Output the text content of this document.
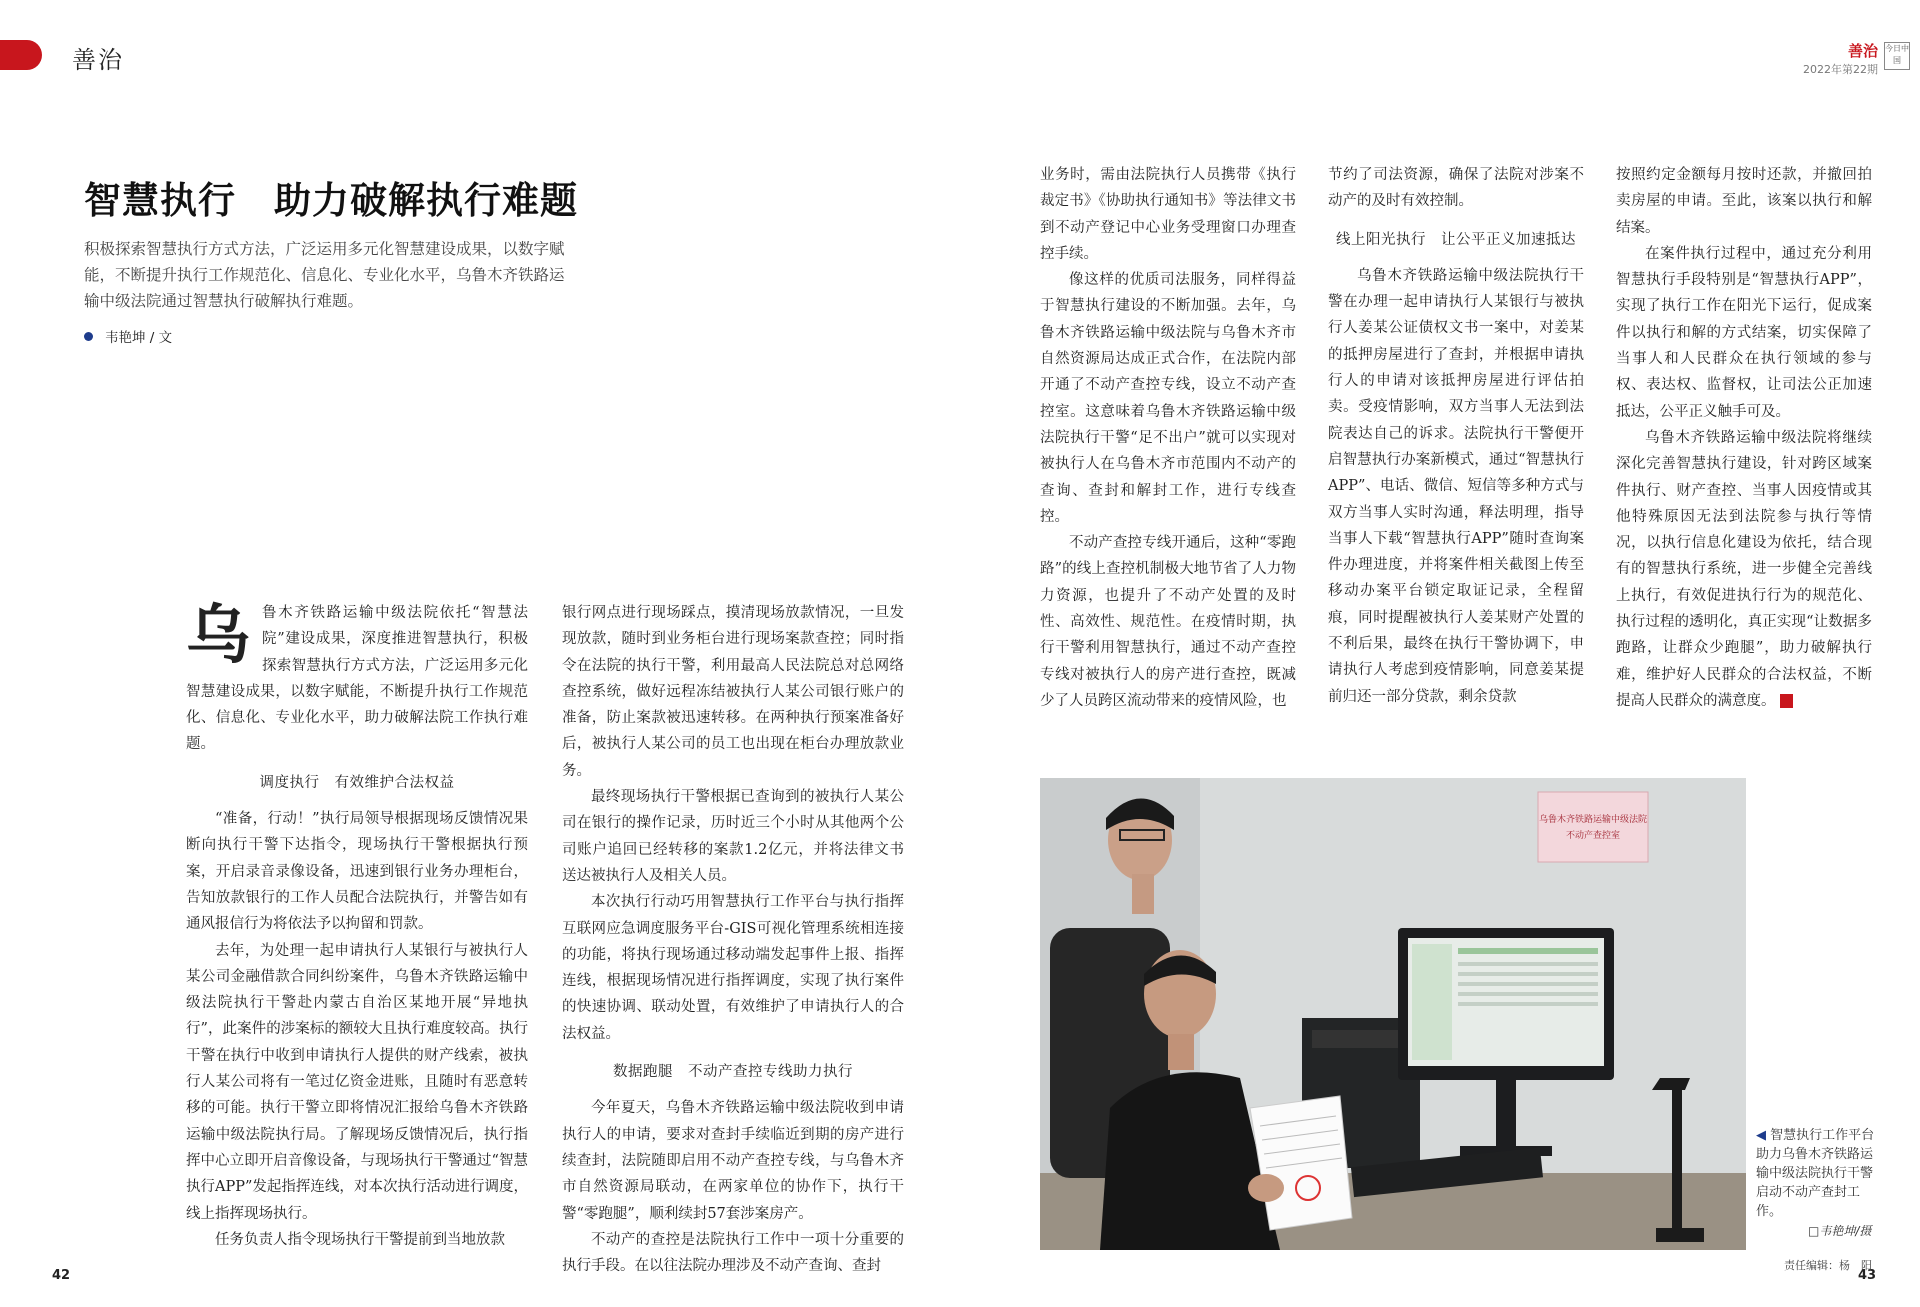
善治	善治
2022年第22期
今日中国
智慧执行　助力破解执行难题
积极探索智慧执行方式方法，广泛运用多元化智慧建设成果，以数字赋能，不断提升执行工作规范化、信息化、专业化水平，乌鲁木齐铁路运输中级法院通过智慧执行破解执行难题。
韦艳坤 / 文
乌 鲁木齐铁路运输中级法院依托“智慧法院”建设成果，深度推进智慧执行，积极探索智慧执行方式方法，广泛运用多元化智慧建设成果，以数字赋能，不断提升执行工作规范化、信息化、专业化水平，助力破解法院工作执行难题。

调度执行　有效维护合法权益

“准备，行动！”执行局领导根据现场反馈情况果断向执行干警下达指令，现场执行干警根据执行预案，开启录音录像设备，迅速到银行业务办理柜台，告知放款银行的工作人员配合法院执行，并警告如有通风报信行为将依法予以拘留和罚款。

去年，为处理一起申请执行人某银行与被执行人某公司金融借款合同纠纷案件，乌鲁木齐铁路运输中级法院执行干警赴内蒙古自治区某地开展“异地执行”，此案件的涉案标的额较大且执行难度较高。执行干警在执行中收到申请执行人提供的财产线索，被执行人某公司将有一笔过亿资金进账，且随时有恶意转移的可能。执行干警立即将情况汇报给乌鲁木齐铁路运输中级法院执行局。了解现场反馈情况后，执行指挥中心立即开启音像设备，与现场执行干警通过“智慧执行APP”发起指挥连线，对本次执行活动进行调度，线上指挥现场执行。

任务负责人指令现场执行干警提前到当地放款

银行网点进行现场踩点，摸清现场放款情况，一旦发现放款，随时到业务柜台进行现场案款查控；同时指令在法院的执行干警，利用最高人民法院总对总网络查控系统，做好远程冻结被执行人某公司银行账户的准备，防止案款被迅速转移。在两种执行预案准备好后，被执行人某公司的员工也出现在柜台办理放款业务。

最终现场执行干警根据已查询到的被执行人某公司在银行的操作记录，历时近三个小时从其他两个公司账户追回已经转移的案款1.2亿元，并将法律文书送达被执行人及相关人员。

本次执行行动巧用智慧执行工作平台与执行指挥互联网应急调度服务平台-GIS可视化管理系统相连接的功能，将执行现场通过移动端发起事件上报、指挥连线，根据现场情况进行指挥调度，实现了执行案件的快速协调、联动处置，有效维护了申请执行人的合法权益。

数据跑腿　不动产查控专线助力执行

今年夏天，乌鲁木齐铁路运输中级法院收到申请执行人的申请，要求对查封手续临近到期的房产进行续查封，法院随即启用不动产查控专线，与乌鲁木齐市自然资源局联动，在两家单位的协作下，执行干警“零跑腿”，顺利续封57套涉案房产。

不动产的查控是法院执行工作中一项十分重要的执行手段。在以往法院办理涉及不动产查询、查封

业务时，需由法院执行人员携带《执行裁定书》《协助执行通知书》等法律文书到不动产登记中心业务受理窗口办理查控手续。

像这样的优质司法服务，同样得益于智慧执行建设的不断加强。去年，乌鲁木齐铁路运输中级法院与乌鲁木齐市自然资源局达成正式合作，在法院内部开通了不动产查控专线，设立不动产查控室。这意味着乌鲁木齐铁路运输中级法院执行干警“足不出户”就可以实现对被执行人在乌鲁木齐市范围内不动产的查询、查封和解封工作，进行专线查控。

不动产查控专线开通后，这种“零跑路”的线上查控机制极大地节省了人力物力资源，也提升了不动产处置的及时性、高效性、规范性。在疫情时期，执行干警利用智慧执行，通过不动产查控专线对被执行人的房产进行查控，既减少了人员跨区流动带来的疫情风险，也

节约了司法资源，确保了法院对涉案不动产的及时有效控制。

线上阳光执行　让公平正义加速抵达

乌鲁木齐铁路运输中级法院执行干警在办理一起申请执行人某银行与被执行人姜某公证债权文书一案中，对姜某的抵押房屋进行了查封，并根据申请执行人的申请对该抵押房屋进行评估拍卖。受疫情影响，双方当事人无法到法院表达自己的诉求。法院执行干警便开启智慧执行办案新模式，通过“智慧执行APP”、电话、微信、短信等多种方式与双方当事人实时沟通，释法明理，指导当事人下载“智慧执行APP”随时查询案件办理进度，并将案件相关截图上传至移动办案平台锁定取证记录，全程留痕，同时提醒被执行人姜某财产处置的不利后果，最终在执行干警协调下，申请执行人考虑到疫情影响，同意姜某提前归还一部分贷款，剩余贷款

按照约定金额每月按时还款，并撤回拍卖房屋的申请。至此，该案以执行和解结案。

在案件执行过程中，通过充分利用智慧执行手段特别是“智慧执行APP”，实现了执行工作在阳光下运行，促成案件以执行和解的方式结案，切实保障了当事人和人民群众在执行领域的参与权、表达权、监督权，让司法公正加速抵达，公平正义触手可及。

乌鲁木齐铁路运输中级法院将继续深化完善智慧执行建设，针对跨区域案件执行、财产查控、当事人因疫情或其他特殊原因无法到法院参与执行等情况，以执行信息化建设为依托，结合现有的智慧执行系统，进一步健全完善线上执行，有效促进执行行为的规范化、执行过程的透明化，真正实现“让数据多跑路，让群众少跑腿”，助力破解执行难，维护好人民群众的合法权益，不断提高人民群众的满意度。	J

乌鲁木齐铁路运输中级法院
不动产查控室
◀ 智慧执行工作平台助力乌鲁木齐铁路运输中级法院执行干警启动不动产查封工作。
□韦艳坤/摄
42	43
责任编辑：杨　阳
